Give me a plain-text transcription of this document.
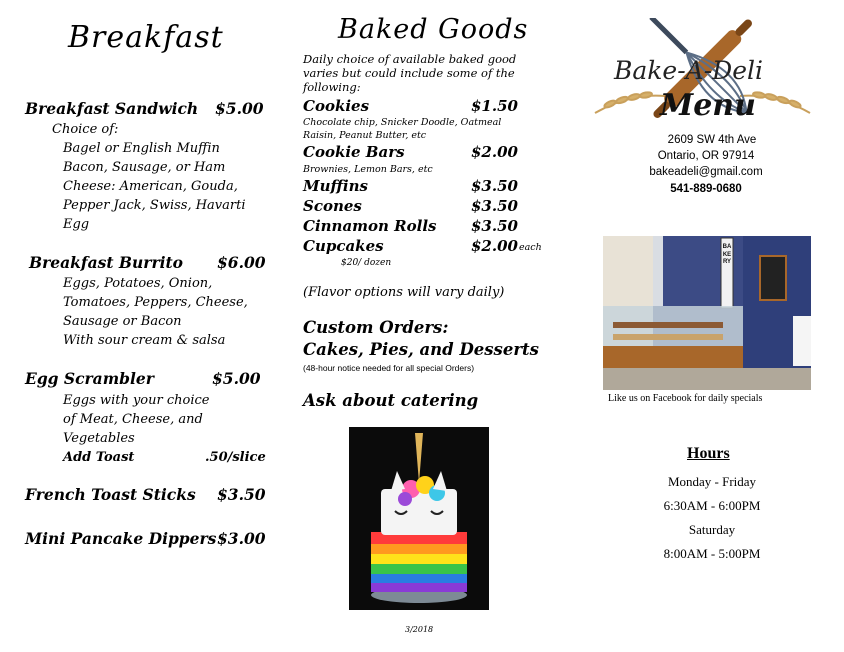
Breakfast
Breakfast Sandwich $5.00
Choice of:
Bagel or English Muffin
Bacon, Sausage, or Ham
Cheese: American, Gouda,
Pepper Jack, Swiss, Havarti
Egg
Breakfast Burrito $6.00
Eggs, Potatoes, Onion,
Tomatoes, Peppers, Cheese,
Sausage or Bacon
With sour cream & salsa
Egg Scrambler	$5.00
Eggs with your choice
of Meat, Cheese, and
Vegetables
Add Toast	.50/slice
French Toast Sticks $3.50
Mini Pancake Dippers $3.00
Baked Goods
Daily choice of available baked good varies but could include some of the following:
Cookies	$1.50
Chocolate chip, Snicker Doodle, Oatmeal
Raisin, Peanut Butter, etc
Cookie Bars	$2.00
Brownies, Lemon Bars, etc
Muffins	$3.50
Scones	$3.50
Cinnamon Rolls $3.50
Cupcakes	$2.00 each
$20/ dozen
(Flavor options will vary daily)
Custom Orders:
Cakes, Pies, and Desserts
(48-hour notice needed for all special Orders)
Ask about catering
3/2018
Bake-A-Deli
Menu
2609 SW 4th Ave
Ontario, OR 97914
bakeadeli@gmail.com
541-889-0680
BAKERY
Like us on Facebook for daily specials
Hours
Monday - Friday
6:30AM - 6:00PM
Saturday
8:00AM - 5:00PM
